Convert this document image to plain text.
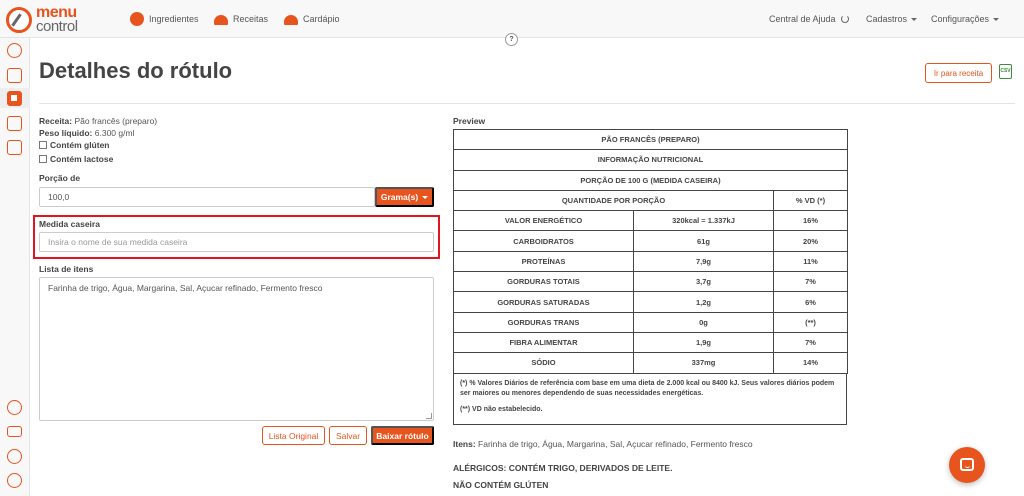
menu
control	Ingredientes	Receitas	Cardápio	Central de Ajuda	Cadastros	Configurações
?
Detalhes do rótulo	Ir para receita	CSV
Receita: Pão francês (preparo)
Peso líquido: 6.300 g/ml
Contém glúten
Contém lactose
Porção de
100,0	Grama(s)
Medida caseira
Insira o nome de sua medida caseira
Lista de itens
Farinha de trigo, Água, Margarina, Sal, Açucar refinado, Fermento fresco
Lista Original	Salvar	Baixar rótulo
Preview
PÃO FRANCÊS (PREPARO)		
INFORMAÇÃO NUTRICIONAL		
PORÇÃO DE 100 G (MEDIDA CASEIRA)		
QUANTIDADE POR PORÇÃO		% VD (*)
VALOR ENERGÉTICO	320kcal = 1.337kJ	16%
CARBOIDRATOS	61g	20%
PROTEÍNAS	7,9g	11%
GORDURAS TOTAIS	3,7g	7%
GORDURAS SATURADAS	1,2g	6%
GORDURAS TRANS	0g	(**)
FIBRA ALIMENTAR	1,9g	7%
SÓDIO	337mg	14%

(*) % Valores Diários de referência com base em uma dieta de 2.000 kcal ou 8400 kJ. Seus valores diários podem ser maiores ou menores dependendo de suas necessidades energéticas.

(**) VD não estabelecido.

Itens: Farinha de trigo, Água, Margarina, Sal, Açucar refinado, Fermento fresco
ALÉRGICOS: CONTÉM TRIGO, DERIVADOS DE LEITE.
NÃO CONTÉM GLÚTEN
